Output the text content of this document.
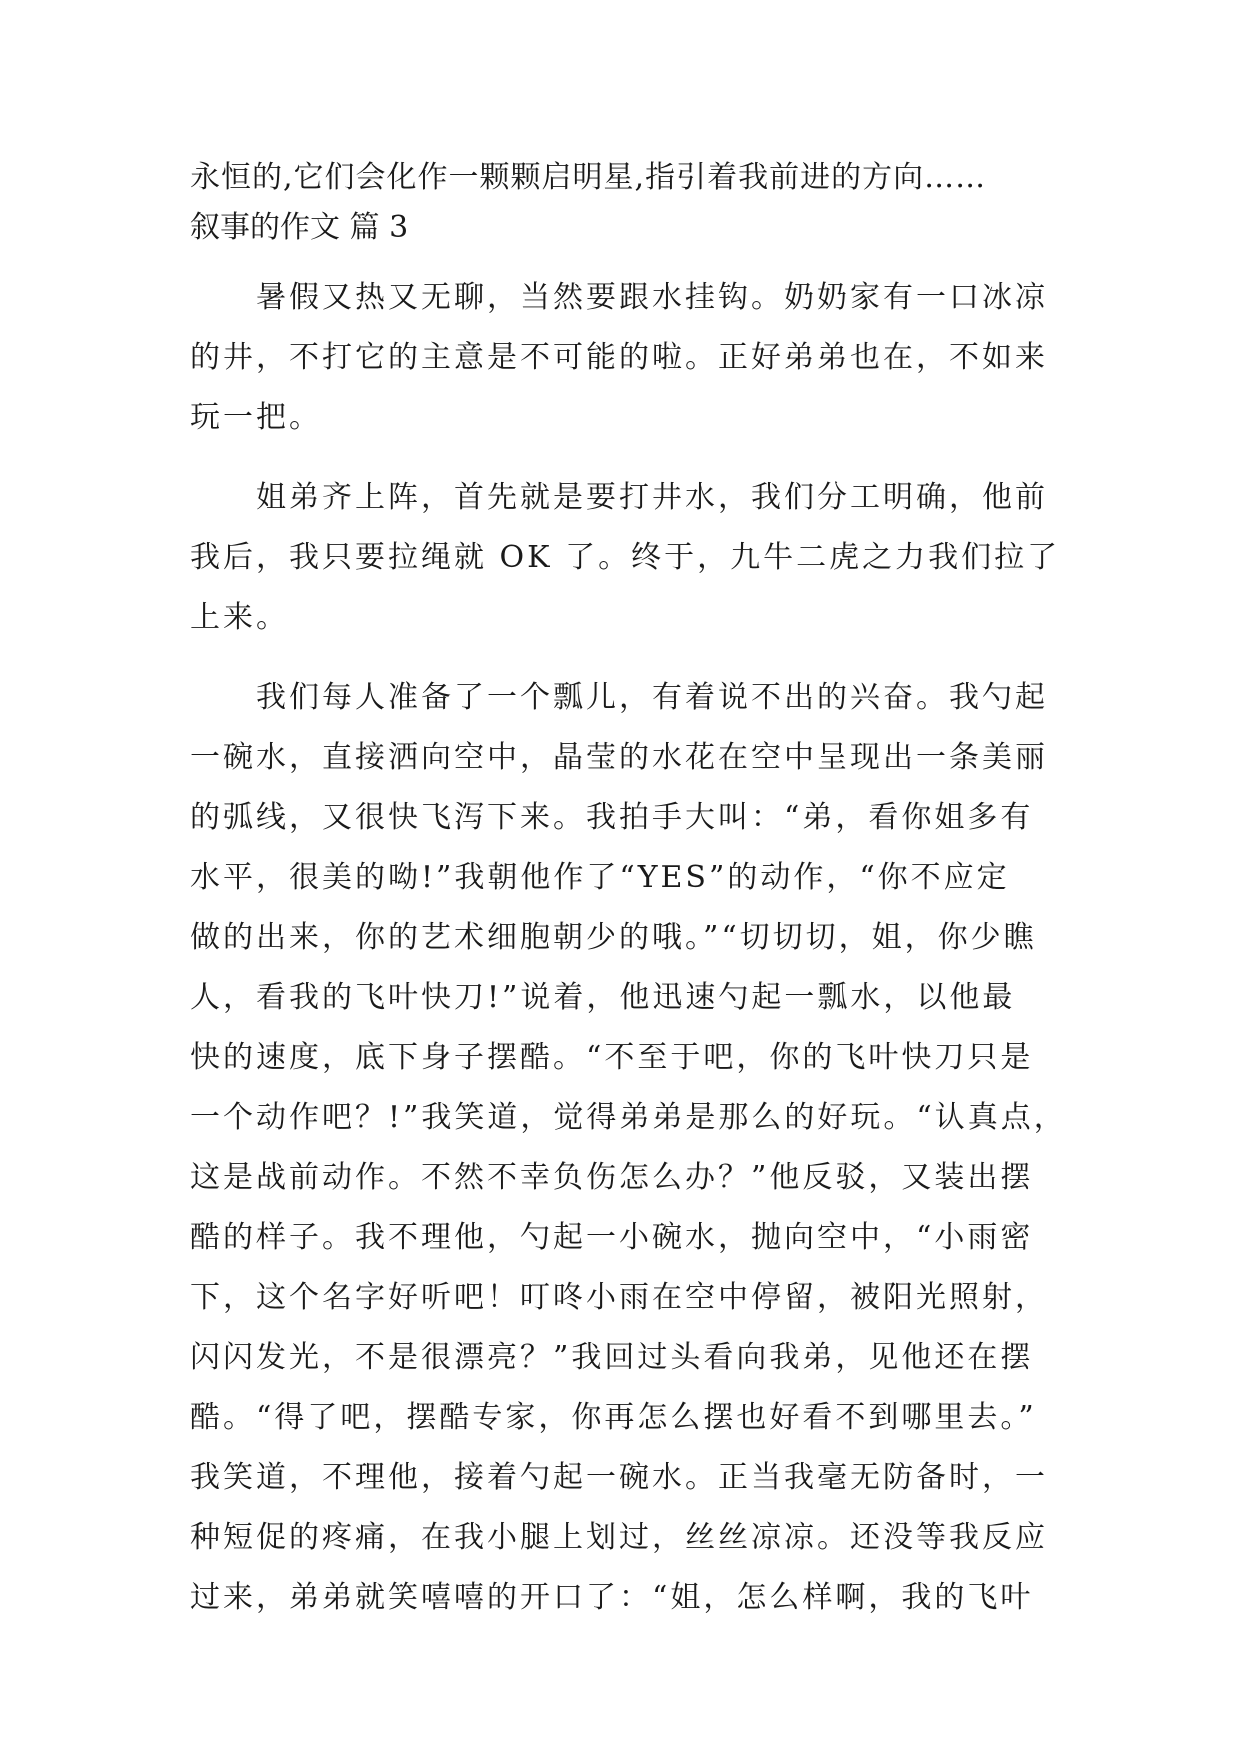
永恒的,它们会化作一颗颗启明星,指引着我前进的方向……
叙事的作文 篇 3
暑假又热又无聊，当然要跟水挂钩。奶奶家有一口冰凉
的井，不打它的主意是不可能的啦。正好弟弟也在，不如来
玩一把。
姐弟齐上阵，首先就是要打井水，我们分工明确，他前
我后，我只要拉绳就 OK 了。终于，九牛二虎之力我们拉了
上来。
我们每人准备了一个瓢儿，有着说不出的兴奋。我勺起
一碗水，直接洒向空中，晶莹的水花在空中呈现出一条美丽
的弧线，又很快飞泻下来。我拍手大叫：“弟，看你姐多有
水平，很美的呦!”我朝他作了“YES”的动作，“你不应定
做的出来，你的艺术细胞朝少的哦。”“切切切，姐，你少瞧
人，看我的飞叶快刀!”说着，他迅速勺起一瓢水，以他最
快的速度，底下身子摆酷。“不至于吧，你的飞叶快刀只是
一个动作吧？!”我笑道，觉得弟弟是那么的好玩。“认真点，
这是战前动作。不然不幸负伤怎么办？”他反驳，又装出摆
酷的样子。我不理他，勺起一小碗水，抛向空中，“小雨密
下，这个名字好听吧！叮咚小雨在空中停留，被阳光照射，
闪闪发光，不是很漂亮？”我回过头看向我弟，见他还在摆
酷。“得了吧，摆酷专家，你再怎么摆也好看不到哪里去。”
我笑道，不理他，接着勺起一碗水。正当我毫无防备时，一
种短促的疼痛，在我小腿上划过，丝丝凉凉。还没等我反应
过来，弟弟就笑嘻嘻的开口了：“姐，怎么样啊，我的飞叶
